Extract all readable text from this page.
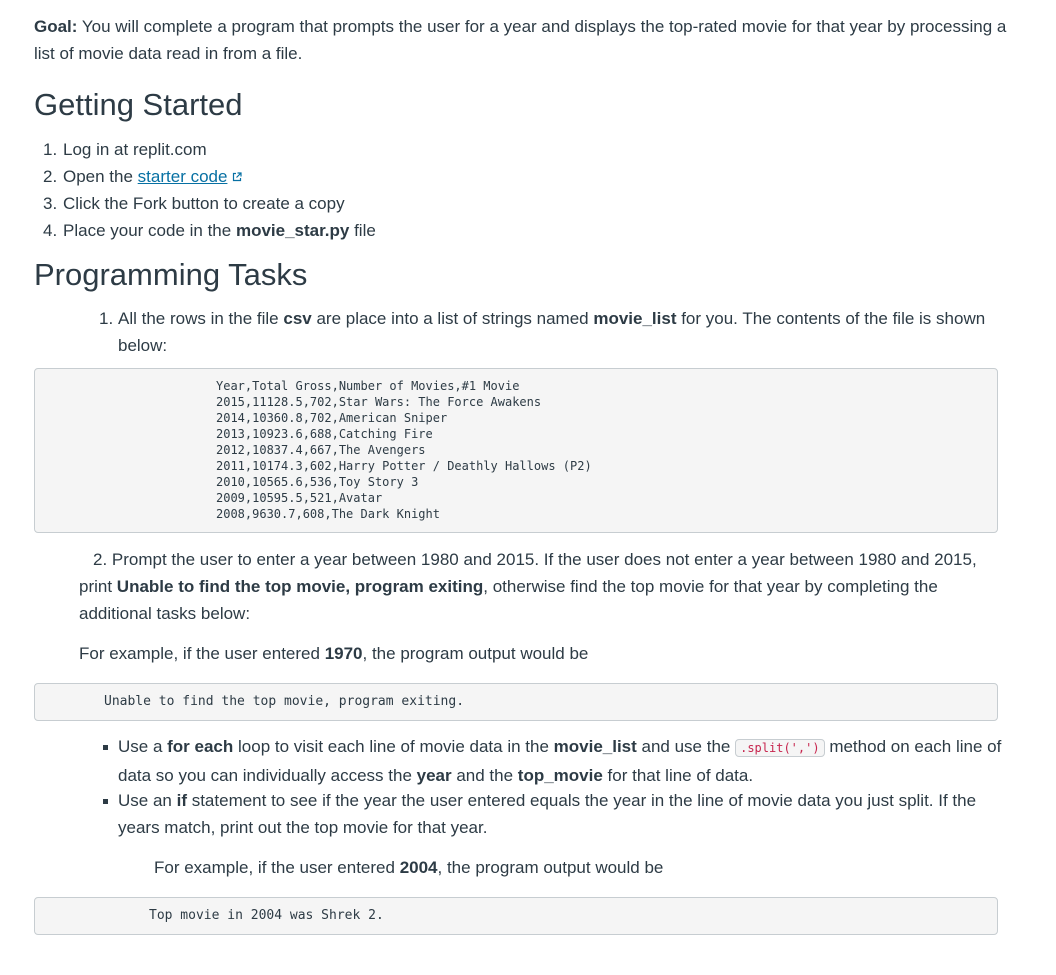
Goal: You will complete a program that prompts the user for a year and displays the top-rated movie for that year by processing a list of movie data read in from a file.

Getting Started
1. Log in at replit.com
2. Open the starter code
3. Click the Fork button to create a copy
4. Place your code in the movie_star.py file
Programming Tasks
1. All the rows in the file csv are place into a list of strings named movie_list for you. The contents of the file is shown below:

Year,Total Gross,Number of Movies,#1 Movie
2015,11128.5,702,Star Wars: The Force Awakens
2014,10360.8,702,American Sniper
2013,10923.6,688,Catching Fire
2012,10837.4,667,The Avengers
2011,10174.3,602,Harry Potter / Deathly Hallows (P2)
2010,10565.6,536,Toy Story 3
2009,10595.5,521,Avatar
2008,9630.7,608,The Dark Knight

2. Prompt the user to enter a year between 1980 and 2015. If the user does not enter a year between 1980 and 2015, print Unable to find the top movie, program exiting, otherwise find the top movie for that year by completing the additional tasks below:

For example, if the user entered 1970, the program output would be

Unable to find the top movie, program exiting.

Use a for each loop to visit each line of movie data in the movie_list and use the .split(',') method on each line of data so you can individually access the year and the top_movie for that line of data.

Use an if statement to see if the year the user entered equals the year in the line of movie data you just split. If the years match, print out the top movie for that year.

For example, if the user entered 2004, the program output would be

Top movie in 2004 was Shrek 2.
